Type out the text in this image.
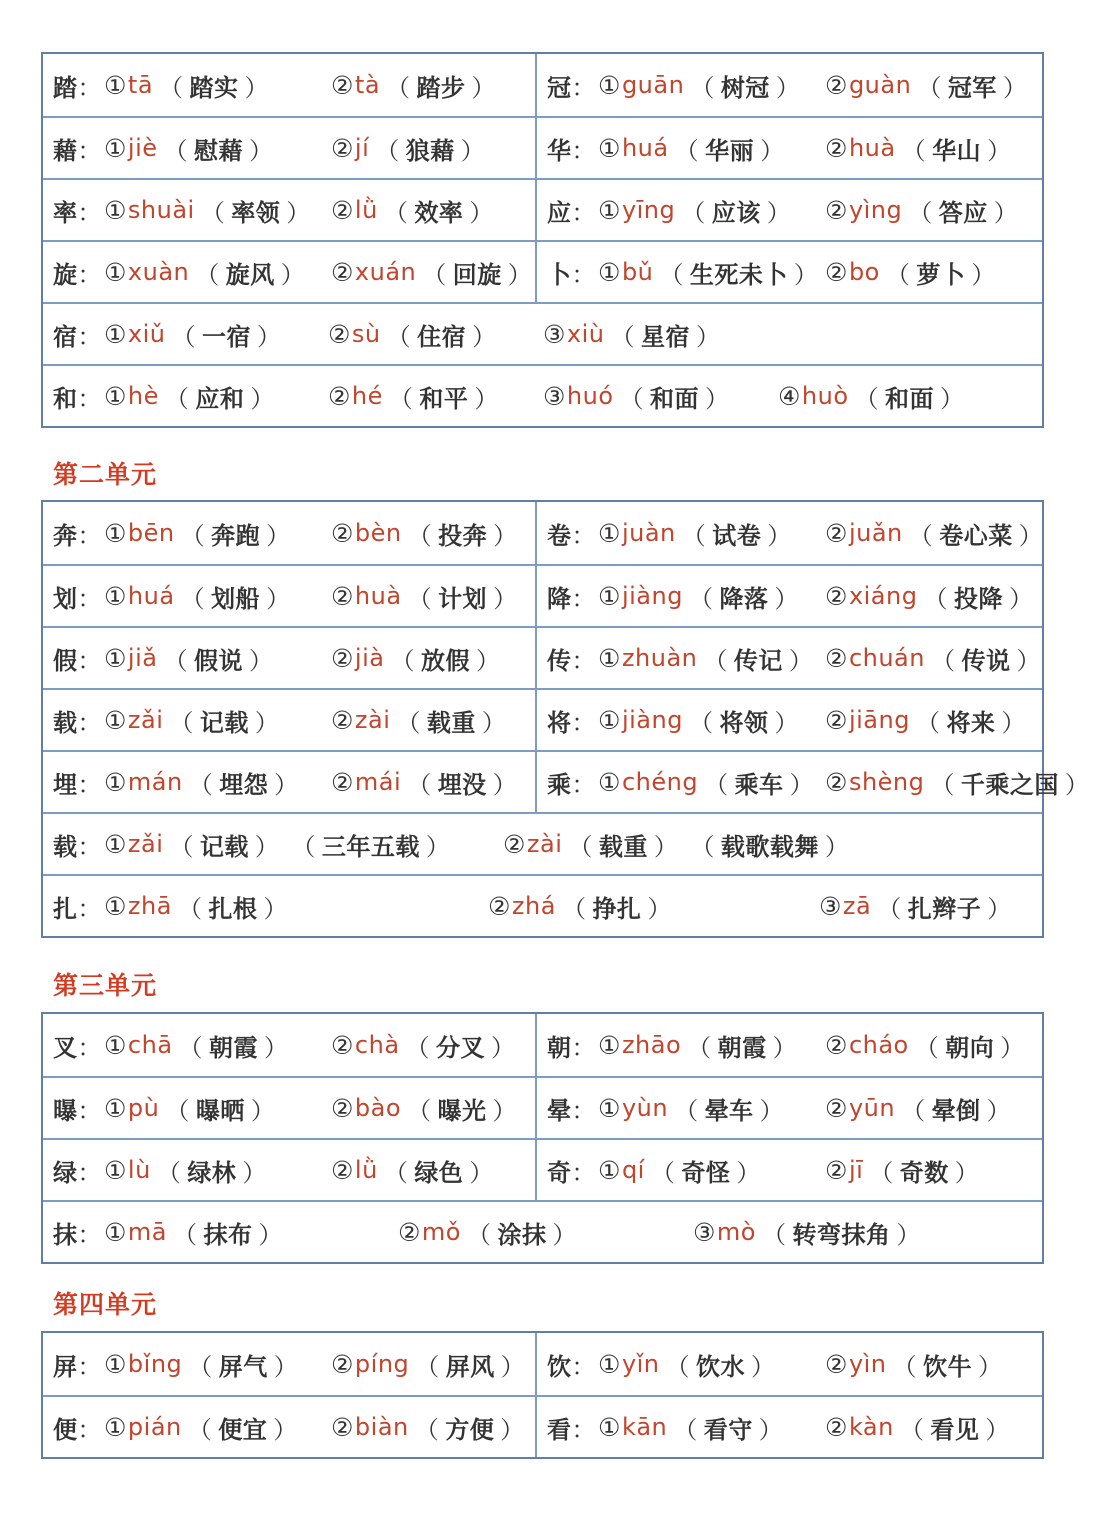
踏 ： ① tā （ 踏实 ） ② tà （ 踏步 ） 冠 ： ① guān （ 树冠 ） ② guàn （ 冠军 ）
藉 ： ① jiè （ 慰藉 ） ② jí （ 狼藉 ）	华 ： ① huá （ 华丽 ） ② huà （ 华山 ）
率 ： ① shuài （ 率领 ） ② lǜ （ 效率 ） 应 ： ① yīng （ 应该 ） ② yìng （ 答应 ）
旋 ： ① xuàn （ 旋风 ） ② xuán （ 回旋 ） 卜 ： ① bǔ （ 生死未卜 ） ② bo （ 萝卜 ）
宿 ： ① xiǔ （ 一宿 ） ② sù （ 住宿 ） ③ xiù （ 星宿 ）
和 ： ① hè （ 应和 ） ② hé （ 和平 ） ③ huó （ 和面 ） ④ huò （ 和面 ）
第二单元
奔 ： ① bēn （ 奔跑 ） ② bèn （ 投奔 ） 卷 ： ① juàn （ 试卷 ） ② juǎn （ 卷心菜 ）
划 ： ① huá （ 划船 ） ② huà （ 计划 ） 降 ： ① jiàng （ 降落 ） ② xiáng （ 投降 ）
假 ： ① jiǎ （ 假说 ） ② jià （ 放假 ） 传 ： ① zhuàn （ 传记 ） ② chuán （ 传说 ）
载 ： ① zǎi （ 记载 ） ② zài （ 载重 ） 将 ： ① jiàng （ 将领 ） ② jiāng （ 将来 ）
埋 ： ① mán （ 埋怨 ） ② mái （ 埋没 ） 乘 ： ① chéng （ 乘车 ） ② shèng （ 千乘之国 ）
载 ： ① zǎi （ 记载 ） （ 三年五载 ） ② zài （ 载重 ） （ 载歌载舞 ）
扎 ： ① zhā （ 扎根 ）	② zhá （ 挣扎 ）	③ zā （ 扎辫子 ）
第三单元
叉 ： ① chā （ 朝霞 ） ② chà （ 分叉 ） 朝 ： ① zhāo （ 朝霞 ） ② cháo （ 朝向 ）
曝 ： ① pù （ 曝晒 ） ② bào （ 曝光 ） 晕 ： ① yùn （ 晕车 ） ② yūn （ 晕倒 ）
绿 ： ① lù （ 绿林 ）	② lǜ （ 绿色 ） 奇 ： ① qí （ 奇怪 ）	② jī （ 奇数 ）
抹 ： ① mā （ 抹布 ）	② mǒ （ 涂抹 ）	③ mò （ 转弯抹角 ）
第四单元
屏 ： ① bǐng （ 屏气 ） ② píng （ 屏风 ） 饮 ： ① yǐn （ 饮水 ） ② yìn （ 饮牛 ）
便 ： ① pián （ 便宜 ） ② biàn （ 方便 ） 看 ： ① kān （ 看守 ） ② kàn （ 看见 ）
